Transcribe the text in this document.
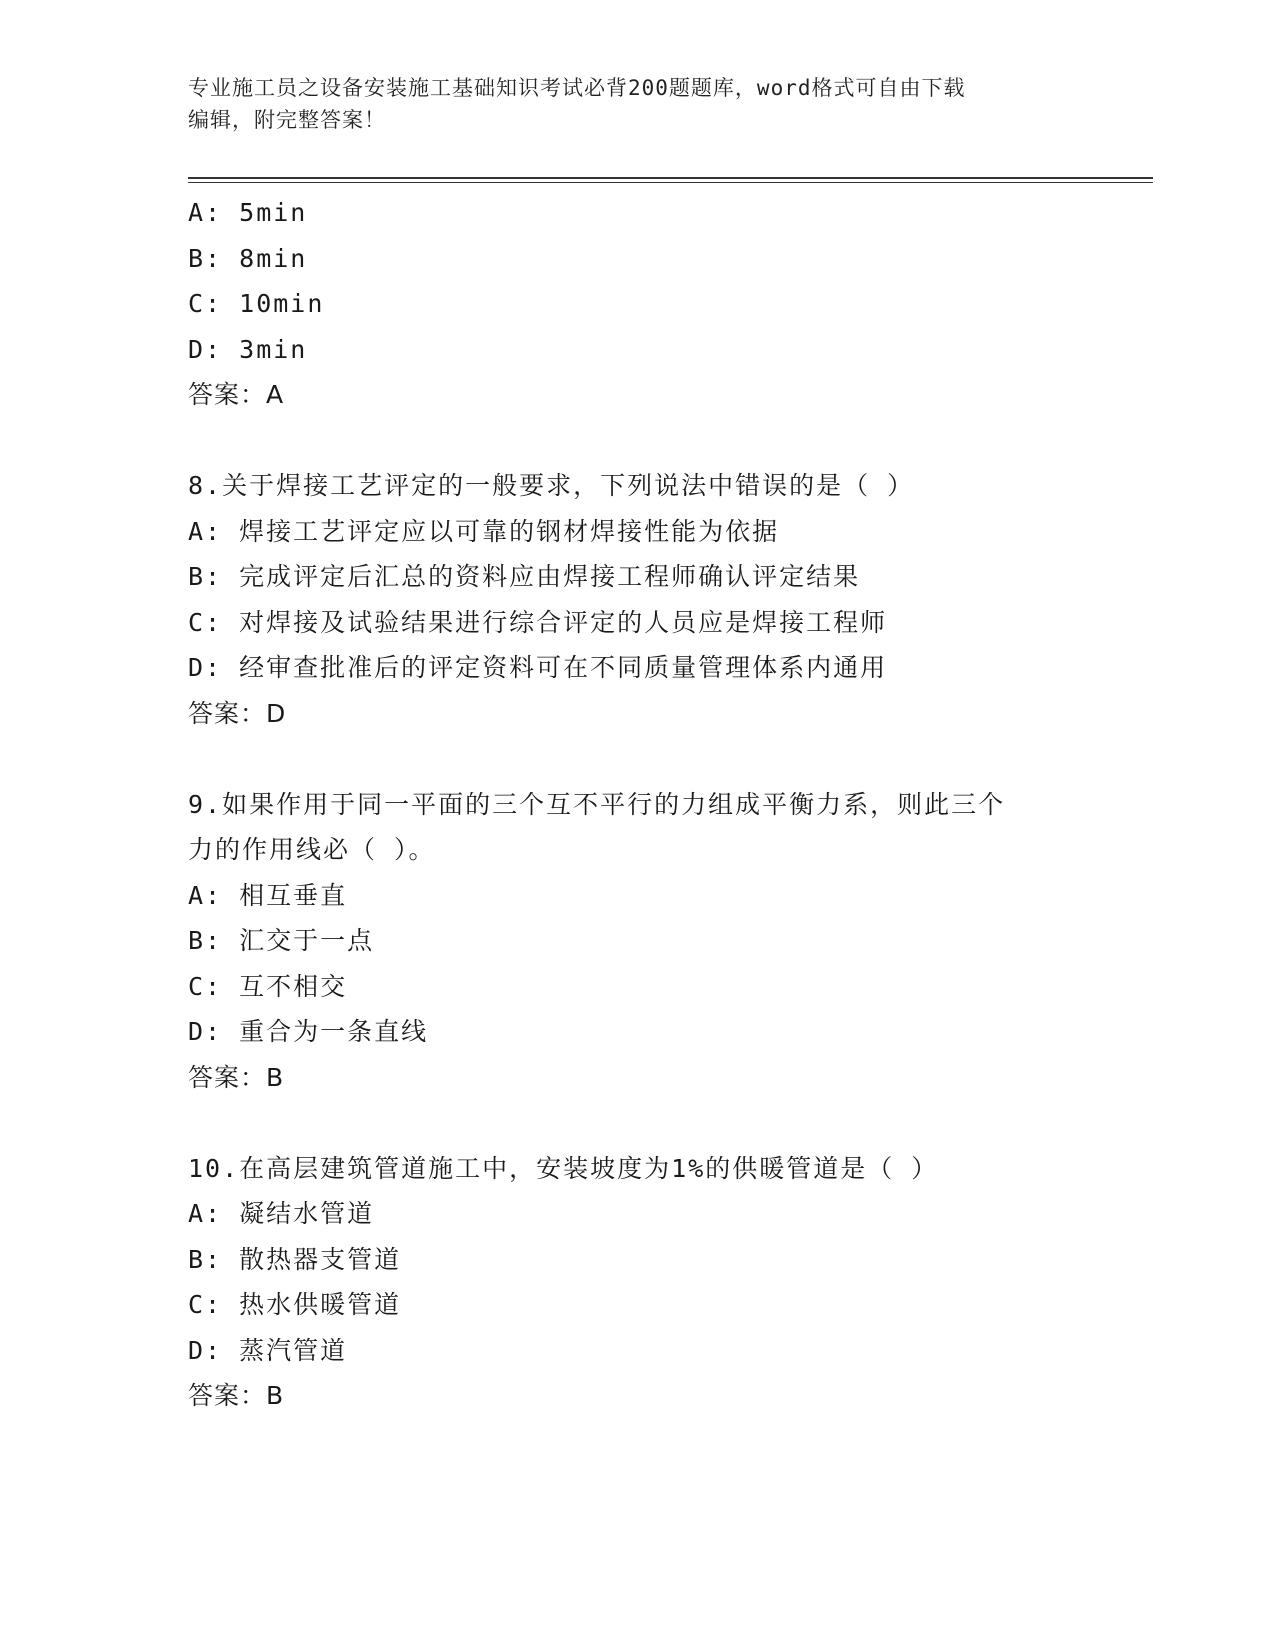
专业施工员之设备安装施工基础知识考试必背200题题库，word格式可自由下载
编辑，附完整答案！
A: 5min
B: 8min
C: 10min
D: 3min
答案：A
8.关于焊接工艺评定的一般要求，下列说法中错误的是（ ）
A: 焊接工艺评定应以可靠的钢材焊接性能为依据
B: 完成评定后汇总的资料应由焊接工程师确认评定结果
C: 对焊接及试验结果进行综合评定的人员应是焊接工程师
D: 经审查批准后的评定资料可在不同质量管理体系内通用
答案：D
9.如果作用于同一平面的三个互不平行的力组成平衡力系，则此三个
力的作用线必（ ）。
A: 相互垂直
B: 汇交于一点
C: 互不相交
D: 重合为一条直线
答案：B
10.在高层建筑管道施工中，安装坡度为1%的供暖管道是（ ）
A: 凝结水管道
B: 散热器支管道
C: 热水供暖管道
D: 蒸汽管道
答案：B
